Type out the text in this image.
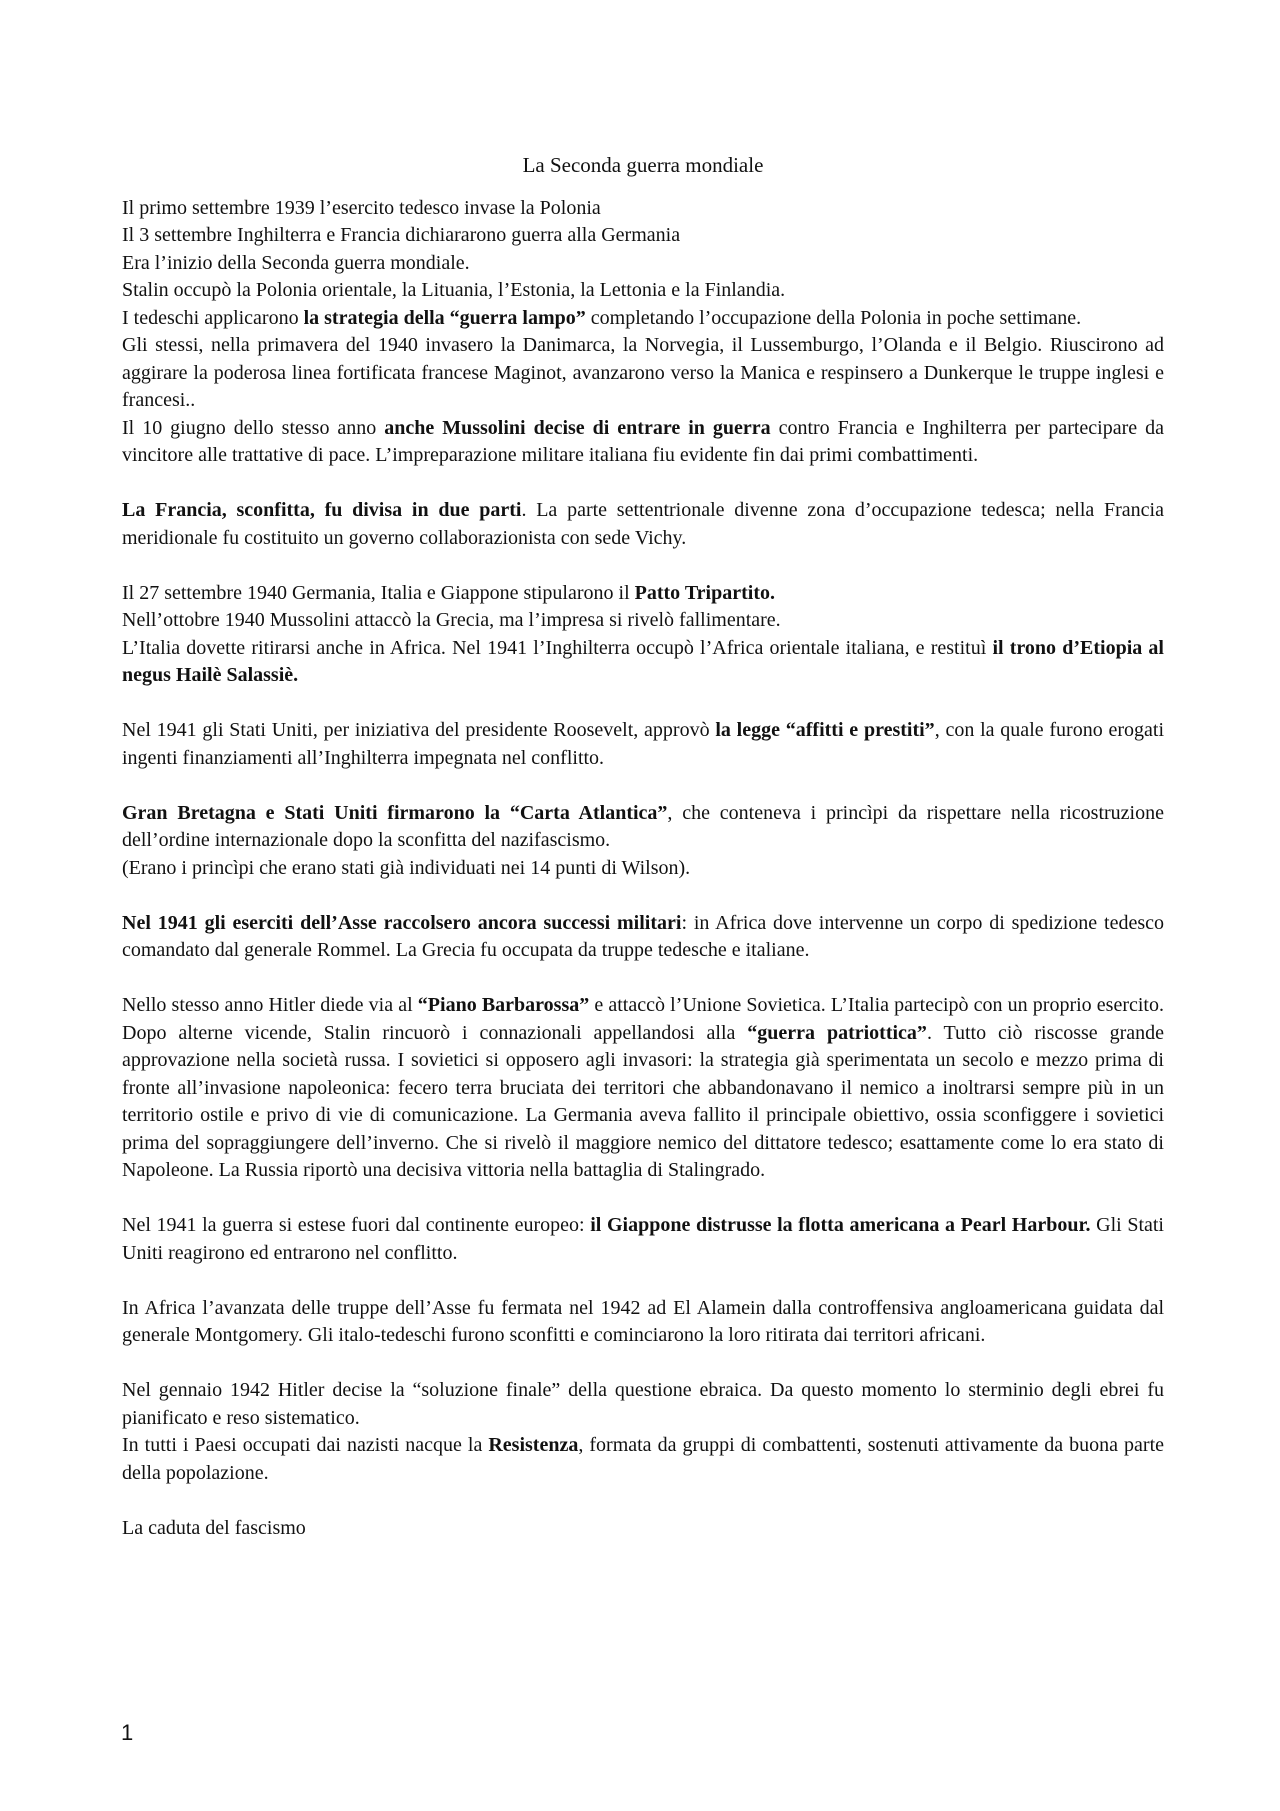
La Seconda guerra mondiale
Il primo settembre 1939 l’esercito tedesco invase la Polonia
Il 3 settembre Inghilterra e Francia dichiararono guerra alla Germania
Era l’inizio della Seconda guerra mondiale.
Stalin occupò la Polonia orientale, la Lituania, l’Estonia, la Lettonia e la Finlandia.
I tedeschi applicarono la strategia della “guerra lampo” completando l’occupazione della Polonia in poche settimane.
Gli stessi, nella primavera del 1940 invasero la Danimarca, la Norvegia, il Lussemburgo, l’Olanda e il Belgio. Riuscirono ad aggirare la poderosa linea fortificata francese Maginot, avanzarono verso la Manica e respinsero a Dunkerque le truppe inglesi e francesi..
Il 10 giugno dello stesso anno anche Mussolini decise di entrare in guerra contro Francia e Inghilterra per partecipare da vincitore alle trattative di pace. L’impreparazione militare italiana fiu evidente fin dai primi combattimenti.
La Francia, sconfitta, fu divisa in due parti. La parte settentrionale divenne zona d’occupazione tedesca; nella Francia meridionale fu costituito un governo collaborazionista con sede Vichy.
Il 27 settembre 1940 Germania, Italia e Giappone stipularono il Patto Tripartito.
Nell’ottobre 1940 Mussolini attaccò la Grecia, ma l’impresa si rivelò fallimentare.
L’Italia dovette ritirarsi anche in Africa. Nel 1941 l’Inghilterra occupò l’Africa orientale italiana, e restituì il trono d’Etiopia al negus Hailè Salassiè.
Nel 1941 gli Stati Uniti, per iniziativa del presidente Roosevelt, approvò la legge “affitti e prestiti”, con la quale furono erogati ingenti finanziamenti all’Inghilterra impegnata nel conflitto.
Gran Bretagna e Stati Uniti firmarono la “Carta Atlantica”, che conteneva i princìpi da rispettare nella ricostruzione dell’ordine internazionale dopo la sconfitta del nazifascismo.
(Erano i princìpi che erano stati già individuati nei 14 punti di Wilson).
Nel 1941 gli eserciti dell’Asse raccolsero ancora successi militari: in Africa dove intervenne un corpo di spedizione tedesco comandato dal generale Rommel. La Grecia fu occupata da truppe tedesche e italiane.
Nello stesso anno Hitler diede via al “Piano Barbarossa” e attaccò l’Unione Sovietica. L’Italia partecipò con un proprio esercito. Dopo alterne vicende, Stalin rincuorò i connazionali appellandosi alla “guerra patriottica”. Tutto ciò riscosse grande approvazione nella società russa. I sovietici si opposero agli invasori: la strategia già sperimentata un secolo e mezzo prima di fronte all’invasione napoleonica: fecero terra bruciata dei territori che abbandonavano il nemico a inoltrarsi sempre più in un territorio ostile e privo di vie di comunicazione. La Germania aveva fallito il principale obiettivo, ossia sconfiggere i sovietici prima del sopraggiungere dell’inverno. Che si rivelò il maggiore nemico del dittatore tedesco; esattamente come lo era stato di Napoleone. La Russia riportò una decisiva vittoria nella battaglia di Stalingrado.
Nel 1941 la guerra si estese fuori dal continente europeo: il Giappone distrusse la flotta americana a Pearl Harbour. Gli Stati Uniti reagirono ed entrarono nel conflitto.
In Africa l’avanzata delle truppe dell’Asse fu fermata nel 1942 ad El Alamein dalla controffensiva angloamericana guidata dal generale Montgomery. Gli italo-tedeschi furono sconfitti e cominciarono la loro ritirata dai territori africani.
Nel gennaio 1942 Hitler decise la “soluzione finale” della questione ebraica. Da questo momento lo sterminio degli ebrei fu pianificato e reso sistematico.
In tutti i Paesi occupati dai nazisti nacque la Resistenza, formata da gruppi di combattenti, sostenuti attivamente da buona parte della popolazione.
La caduta del fascismo
1
